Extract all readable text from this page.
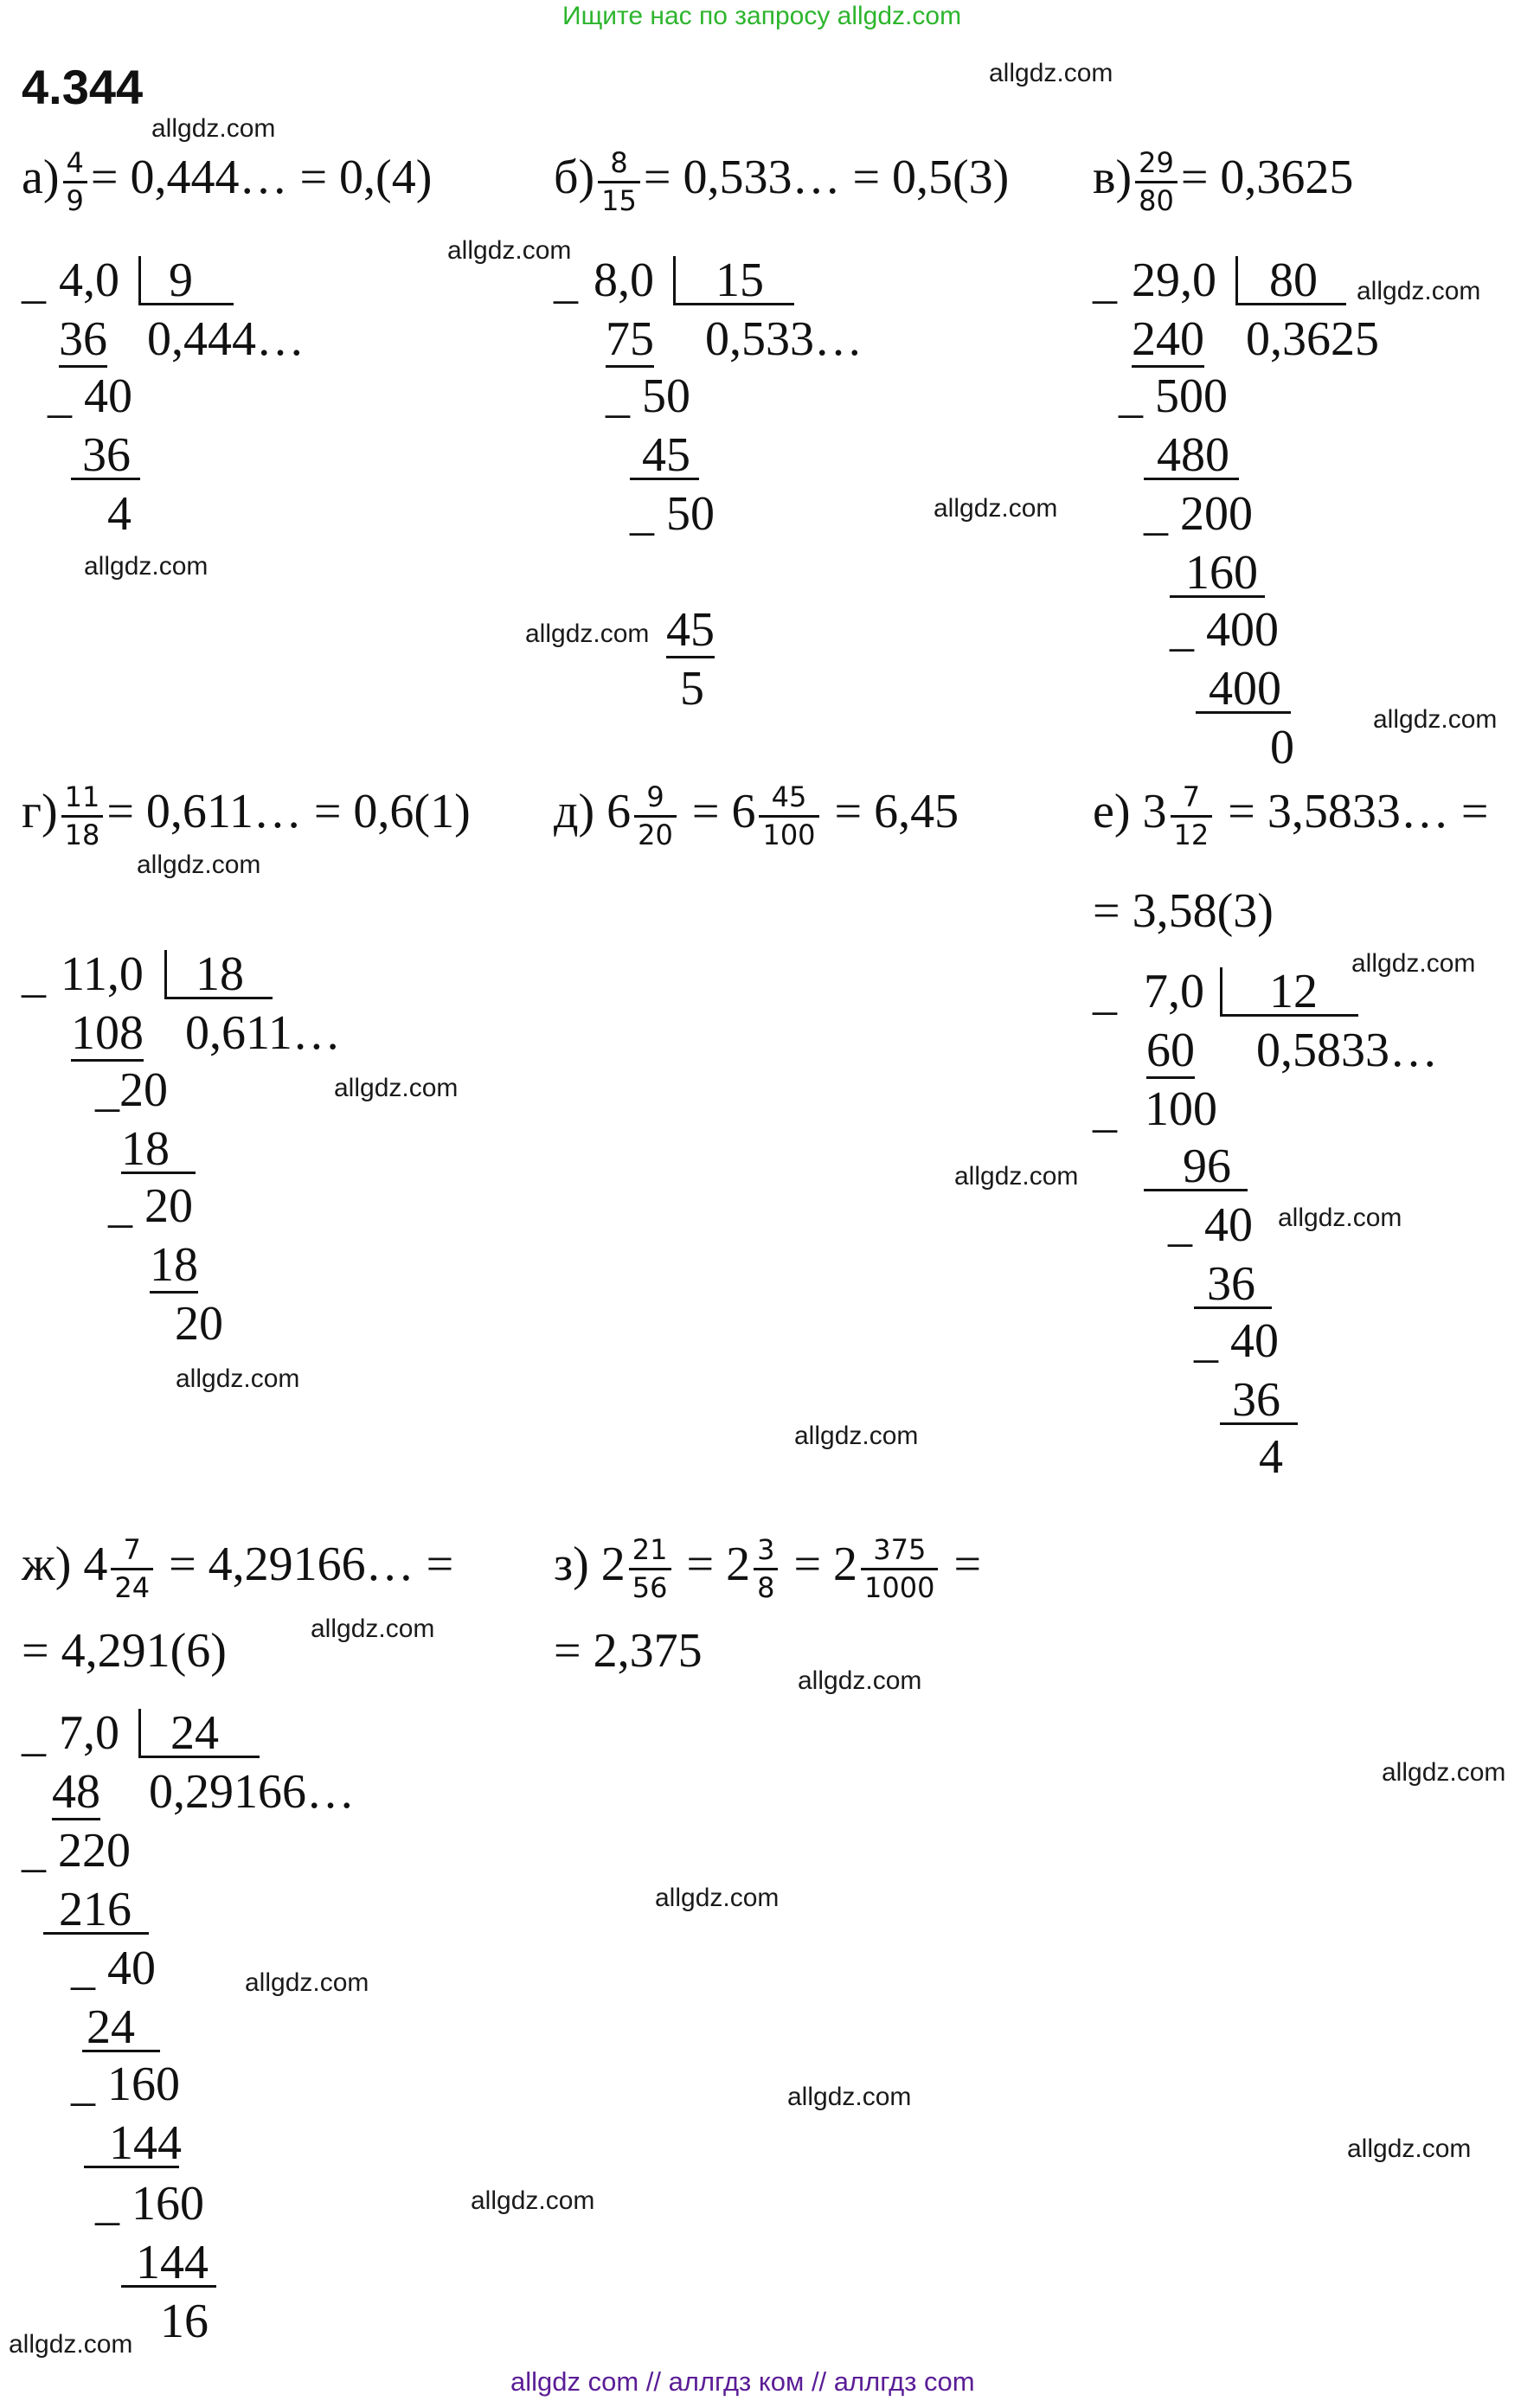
Ищите нас по запросу allgdz.com
4.344	allgdz.com
allgdz.com
allgdz.com
allgdz.com
allgdz.com
allgdz.com
allgdz.com
allgdz.com
allgdz.com
allgdz.com
allgdz.com
allgdz.com
allgdz.com
allgdz.com
allgdz.com
allgdz.com
allgdz.com
allgdz.com
allgdz.com
allgdz.com
allgdz.com
allgdz.com
allgdz.com
allgdz.com
$а) \frac{4}{9}$ = 0,444… = 0,(4)
_ 4,0 9
0,444…
36
_ 40
36
4
$б) \frac{8}{15}$ = 0,533… = 0,5(3)
_ 8,0 15
0,533…
75
_ 50
45
_ 50
45
5
$в) \frac{29}{80} = 0,3625$
_ 29,0 80
0,3625
240
_ 500
480
_ 200
160
_ 400
400
0
$г) \frac{11}{18}$ = 0,611… = 0,6(1)
_ 11,0 18
0,611…
108
_20
18
_ 20
18
20
д) $6 \frac{9}{20} = 6 \frac{45}{100} = 6,45$	е) $3 \frac{7}{12}$ = 3,5833… =
= 3,58(3)
_ 7,0 12
0,5833…
60
_ 100
96
_ 40
36
_ 40
36
4
ж) $4 \frac{7}{24}$ = 4,29166… =
= 4,291(6)
_ 7,0 24
0,29166…
48
_ 220
216
_ 40
24
_ 160
144
_ 160
144
16
з) $2 \frac{21}{56} = 2 \frac{3}{8} = 2 \frac{375}{1000}$ =
= 2,375
allgdz com // аллгдз ком // аллгдз com
